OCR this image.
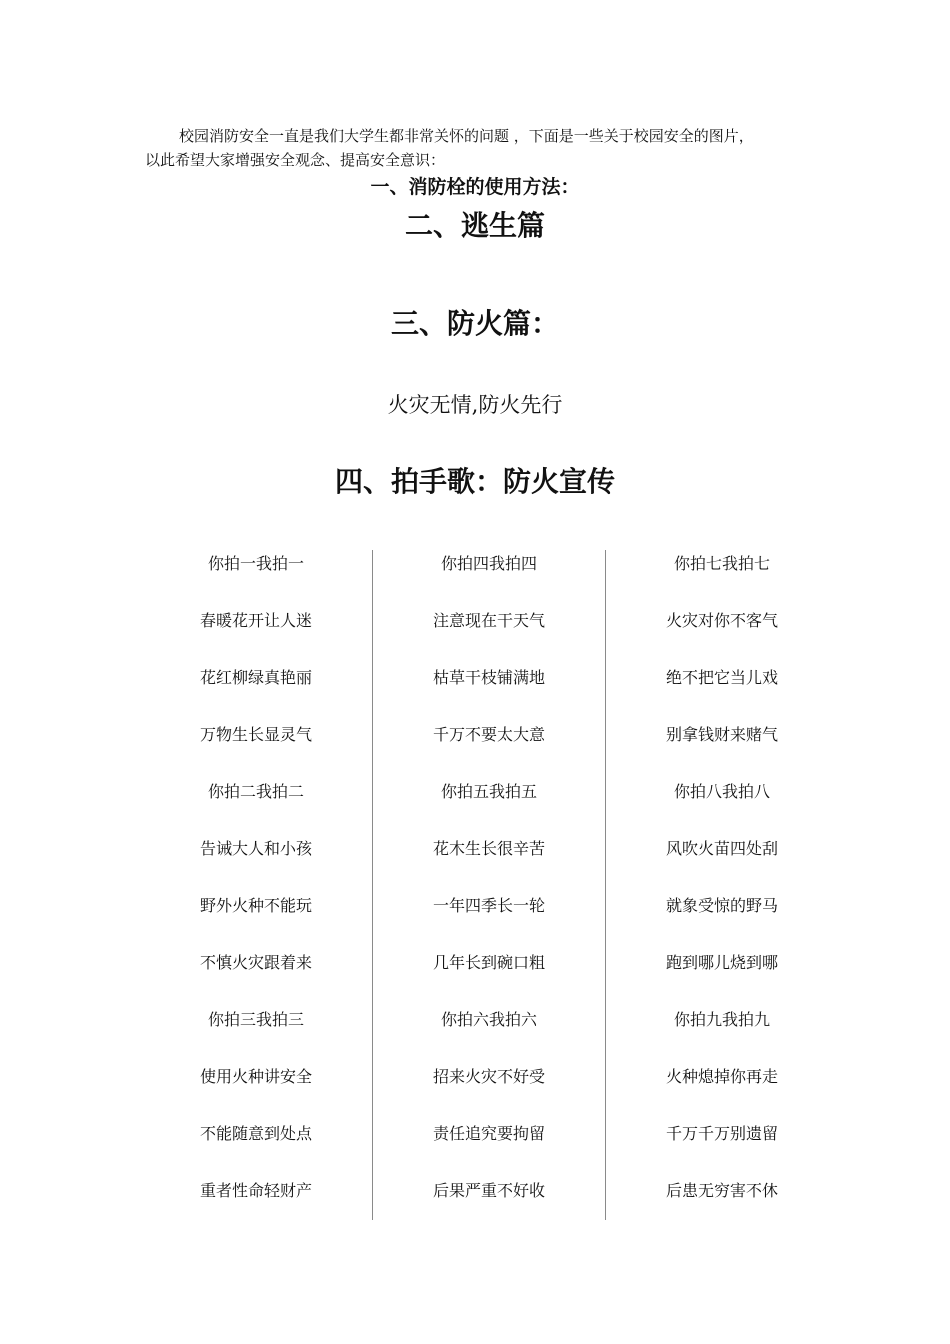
校园消防安全一直是我们大学生都非常关怀的问题 ，下面是一些关于校园安全的图片，

以此希望大家增强安全观念、提高安全意识：

一、消防栓的使用方法：
二、逃生篇
三、防火篇：
火灾无情,防火先行
四、拍手歌：防火宣传
你拍一我拍一
春暖花开让人迷
花红柳绿真艳丽
万物生长显灵气
你拍二我拍二
告诫大人和小孩
野外火种不能玩
不慎火灾跟着来
你拍三我拍三
使用火种讲安全
不能随意到处点
重者性命轻财产
你拍四我拍四
注意现在干天气
枯草干枝铺满地
千万不要太大意
你拍五我拍五
花木生长很辛苦
一年四季长一轮
几年长到碗口粗
你拍六我拍六
招来火灾不好受
责任追究要拘留
后果严重不好收
你拍七我拍七
火灾对你不客气
绝不把它当儿戏
别拿钱财来赌气
你拍八我拍八
风吹火苗四处刮
就象受惊的野马
跑到哪儿烧到哪
你拍九我拍九
火种熄掉你再走
千万千万别遗留
后患无穷害不休
